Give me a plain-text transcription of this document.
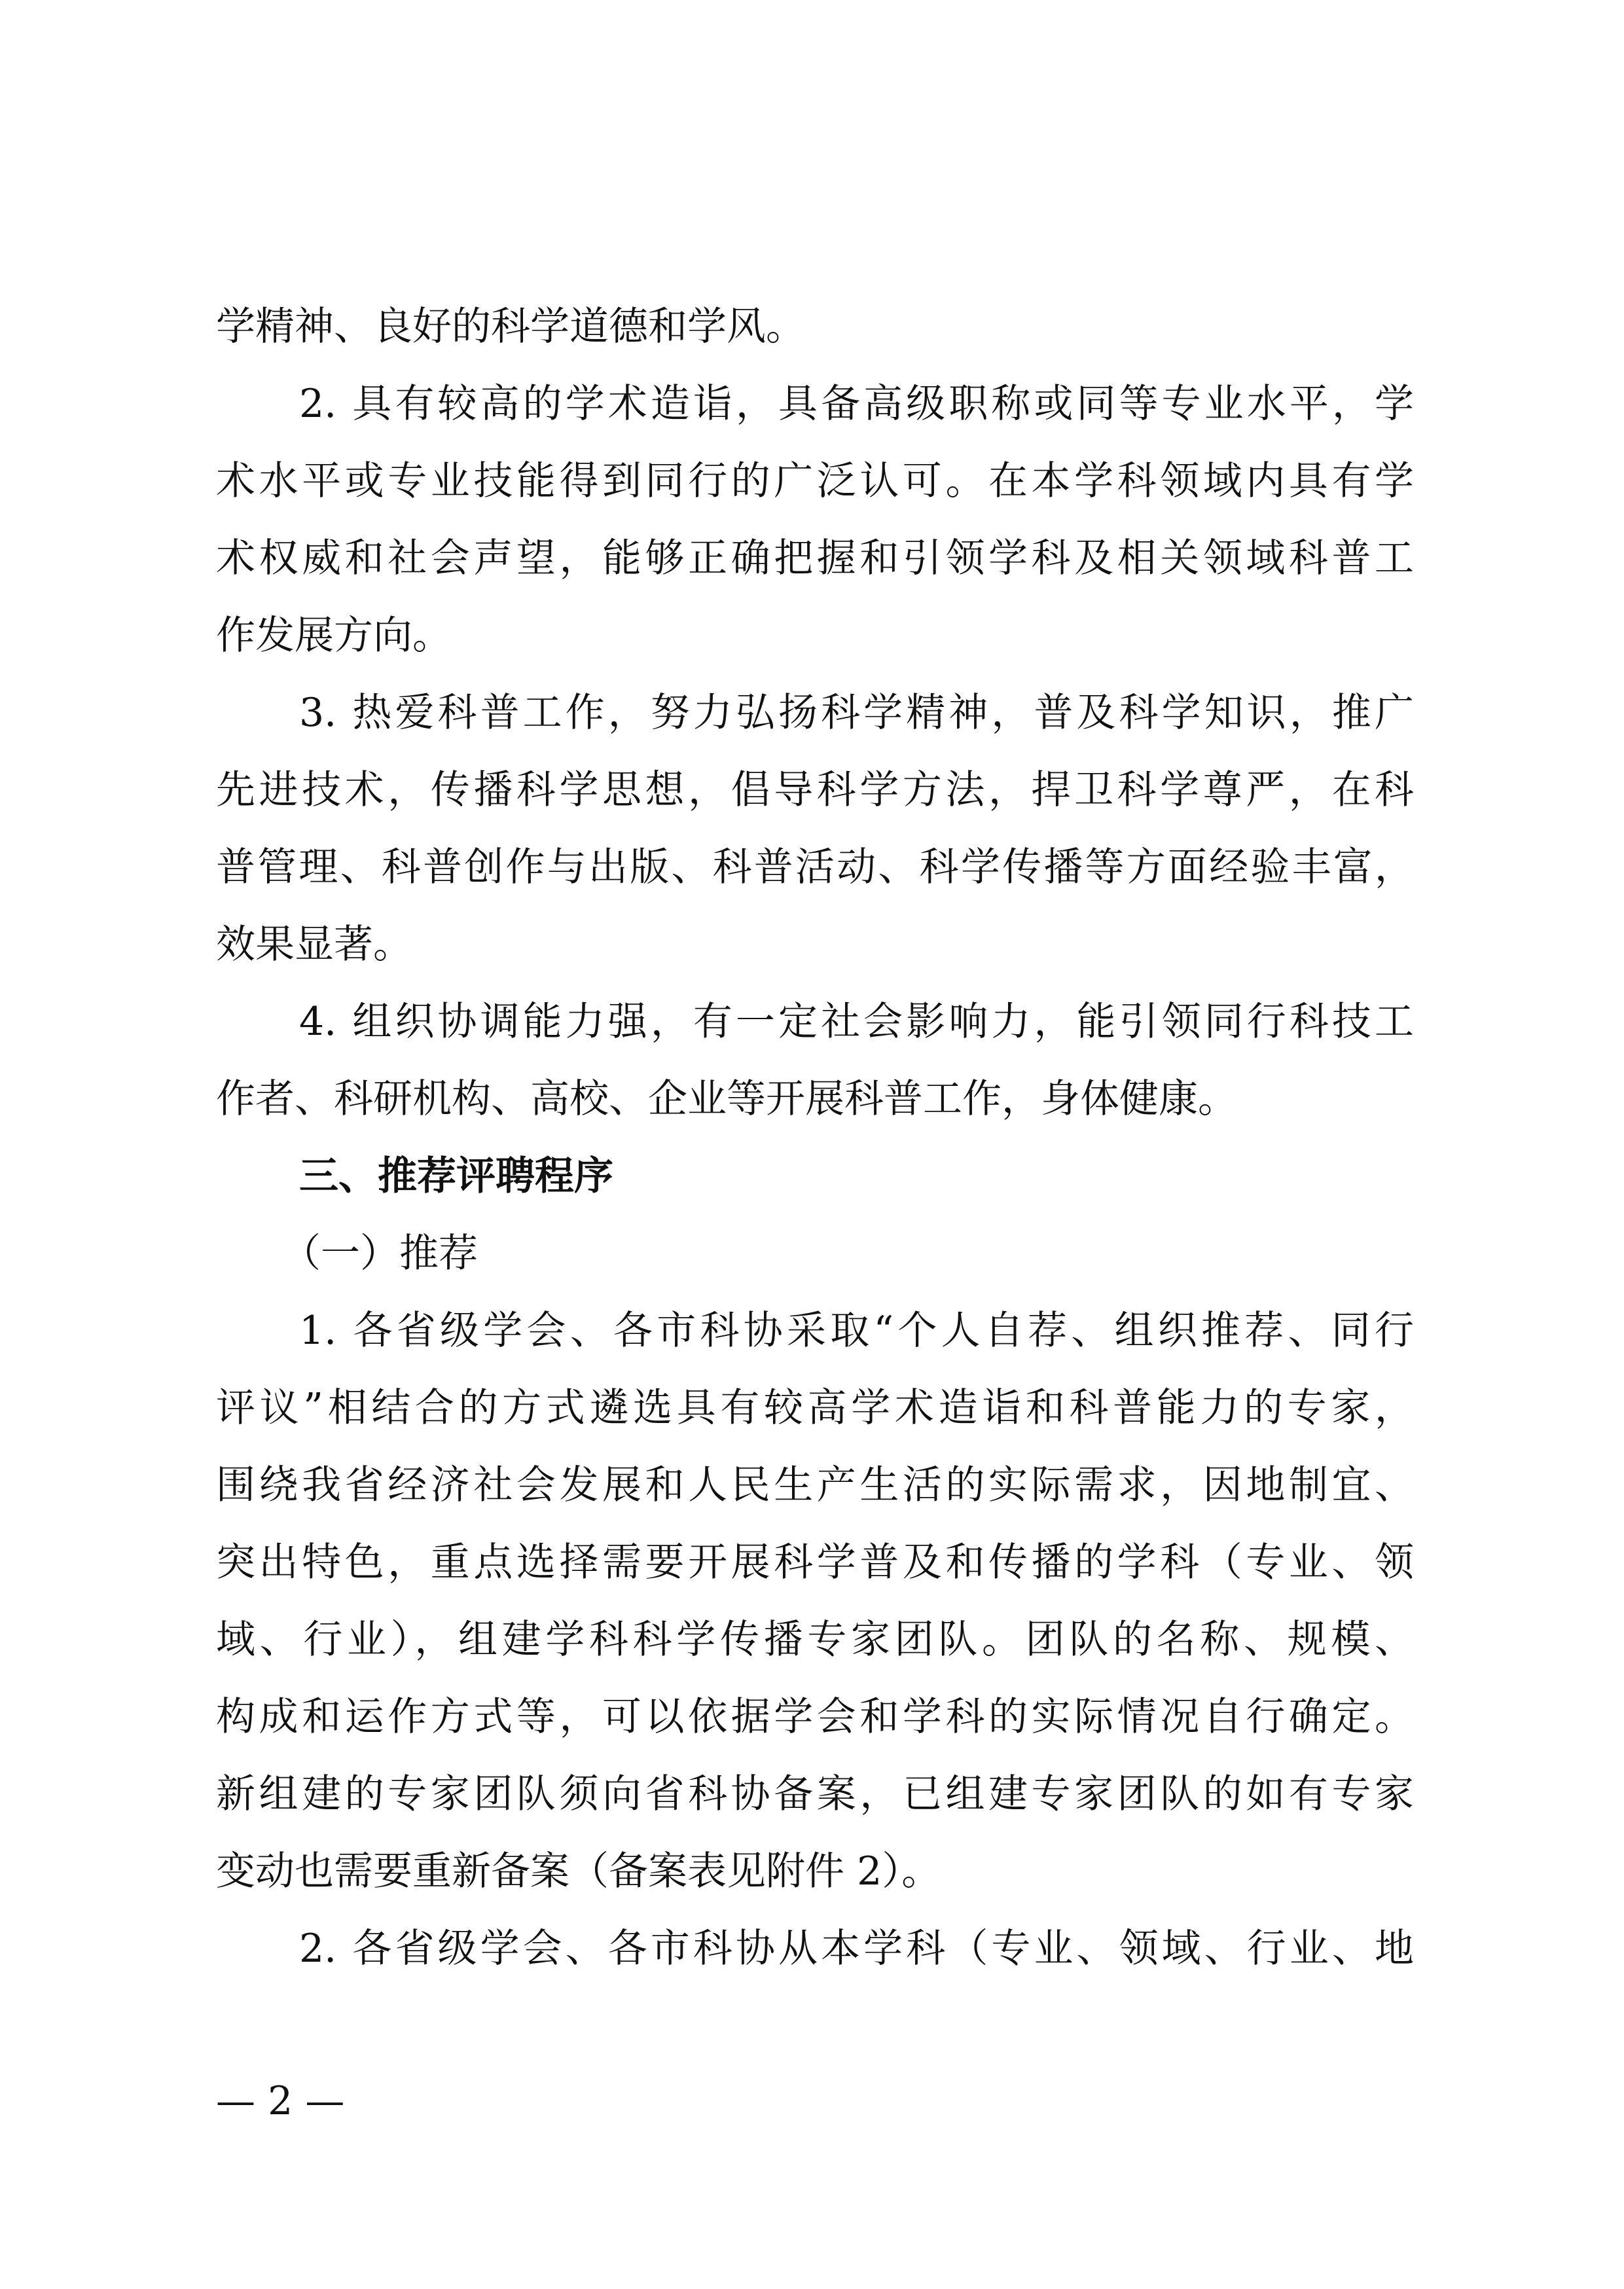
学精神、良好的科学道德和学风。
2. 具有较高的学术造诣，具备高级职称或同等专业水平，学
术水平或专业技能得到同行的广泛认可。在本学科领域内具有学
术权威和社会声望，能够正确把握和引领学科及相关领域科普工
作发展方向。
3. 热爱科普工作，努力弘扬科学精神，普及科学知识，推广
先进技术，传播科学思想，倡导科学方法，捍卫科学尊严，在科
普管理、科普创作与出版、科普活动、科学传播等方面经验丰富，
效果显著。
4. 组织协调能力强，有一定社会影响力，能引领同行科技工
作者、科研机构、高校、企业等开展科普工作，身体健康。
三、推荐评聘程序
（一）推荐
1. 各省级学会、各市科协采取“个人自荐、组织推荐、同行
评议”相结合的方式遴选具有较高学术造诣和科普能力的专家，
围绕我省经济社会发展和人民生产生活的实际需求，因地制宜、
突出特色，重点选择需要开展科学普及和传播的学科（专业、领
域、行业），组建学科科学传播专家团队。团队的名称、规模、
构成和运作方式等，可以依据学会和学科的实际情况自行确定。
新组建的专家团队须向省科协备案，已组建专家团队的如有专家
变动也需要重新备案（备案表见附件 2）。
2. 各省级学会、各市科协从本学科（专业、领域、行业、地
— 2 —
